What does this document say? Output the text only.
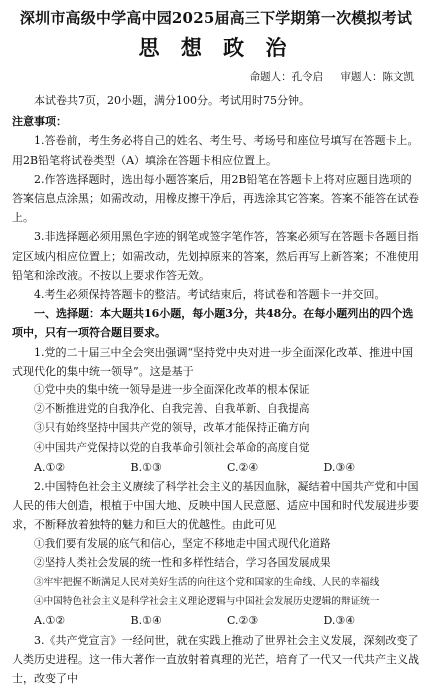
深圳市高级中学高中园2025届高三下学期第一次模拟考试
思 想 政 治
命题人：孔令启 审题人：陈文凯

本试卷共7页，20小题，满分100分。考试用时75分钟。

注意事项：

1.答卷前，考生务必将自己的姓名、考生号、考场号和座位号填写在答题卡上。用2B铅笔将试卷类型（A）填涂在答题卡相应位置上。

2.作答选择题时，选出每小题答案后，用2B铅笔在答题卡上将对应题目选项的答案信息点涂黑；如需改动，用橡皮擦干净后，再选涂其它答案。答案不能答在试卷上。

3.非选择题必须用黑色字迹的钢笔或签字笔作答，答案必须写在答题卡各题目指定区域内相应位置上；如需改动，先划掉原来的答案，然后再写上新答案；不准使用铅笔和涂改液。不按以上要求作答无效。

4.考生必须保持答题卡的整洁。考试结束后，将试卷和答题卡一并交回。

一、选择题：本大题共16小题，每小题3分，共48分。在每小题列出的四个选项中，只有一项符合题目要求。

1.党的二十届三中全会突出强调“坚持党中央对进一步全面深化改革、推进中国式现代化的集中统一领导”。这是基于

①党中央的集中统一领导是进一步全面深化改革的根本保证
②不断推进党的自我净化、自我完善、自我革新、自我提高
③只有始终坚持中国共产党的领导，改革才能保持正确方向
④中国共产党保持以党的自我革命引领社会革命的高度自觉
A.①②	B.①③	C.②④	D.③④

2.中国特色社会主义赓续了科学社会主义的基因血脉，凝结着中国共产党和中国人民的伟大创造，根植于中国大地、反映中国人民意愿、适应中国和时代发展进步要求，不断释放着独特的魅力和巨大的优越性。由此可见

①我们要有发展的底气和信心，坚定不移地走中国式现代化道路
②坚持人类社会发展的统一性和多样性结合，学习各国发展成果
③牢牢把握不断满足人民对美好生活的向往这个党和国家的生命线、人民的幸福线
④中国特色社会主义是科学社会主义理论逻辑与中国社会发展历史逻辑的辩证统一
A.①②	B.①④	C.②③	D.③④

3.《共产党宣言》一经问世，就在实践上推动了世界社会主义发展，深刻改变了人类历史进程。这一伟大著作一直放射着真理的光芒，培育了一代又一代共产主义战士，改变了中
